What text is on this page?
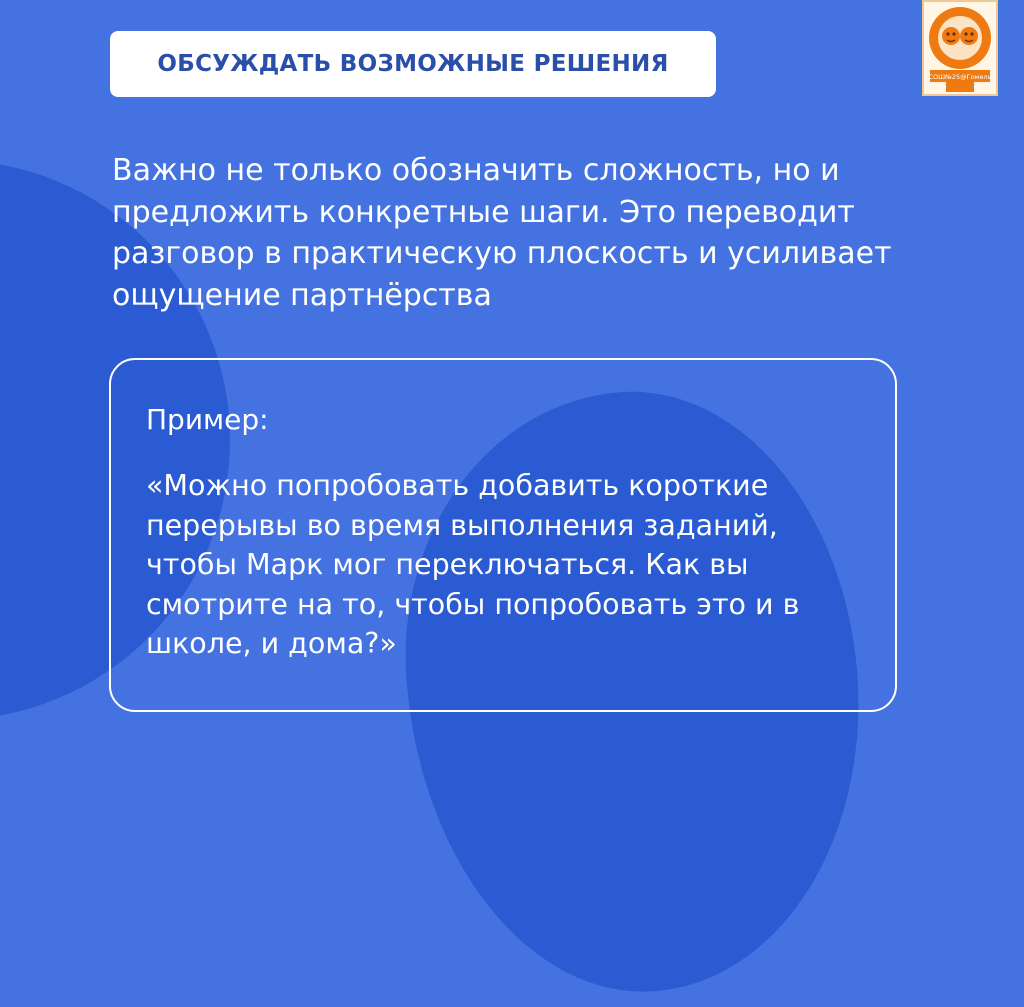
ОБСУЖДАТЬ ВОЗМОЖНЫЕ РЕШЕНИЯ	СОШ№25@Гомель
Важно не только обозначить сложность, но и предложить конкретные шаги. Это переводит разговор в практическую плоскость и усиливает ощущение партнёрства
Пример:
«Можно попробовать добавить короткие перерывы во время выполнения заданий, чтобы Марк мог переключаться. Как вы смотрите на то, чтобы попробовать это и в школе, и дома?»
